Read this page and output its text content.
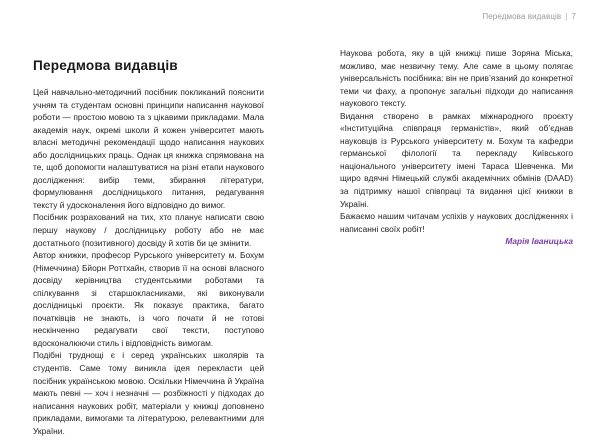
Передмова видавців | 7
Передмова видавців

Цей навчально-методичний посібник покликаний пояснити учням та студентам основні принципи написання наукової роботи — простою мовою та з цікавими прикладами. Мала академія наук, окремі школи й кожен університет мають власні методичні рекомендації щодо написання наукових або дослідницьких праць. Однак ця книжка спрямована на те, щоб допомогти налаштуватися на різні етапи наукового дослідження: вибір теми, збирання літератури, формулювання дослідницького питання, редагування тексту й удосконалення його відповідно до вимог.

Посібник розрахований на тих, хто планує написати свою першу наукову / дослідницьку роботу або не має достатнього (позитивного) досвіду й хотів би це змінити.

Автор книжки, професор Рурського університету м. Бохум (Німеччина) Бйорн Роттхайн, створив її на основі власного досвіду керівництва студентськими роботами та спілкування зі старшокласниками, які виконували дослідницькі проєкти. Як показує практика, багато початківців не знають, із чого почати й не готові нескінченно редагувати свої тексти, поступово вдосконалюючи стиль і відповідність вимогам.

Подібні труднощі є і серед українських школярів та студентів. Саме тому виникла ідея перекласти цей посібник українською мовою. Оскільки Німеччина й Україна мають певні — хоч і незначні — розбіжності у підходах до написання наукових робіт, матеріали у книжці доповнено прикладами, вимогами та літературою, релевантними для України.

Наукова робота, яку в цій книжці пише Зоряна Міська, можливо, має незвичну тему. Але саме в цьому полягає універсальність посібника: він не прив’язаний до конкретної теми чи фаху, а пропонує загальні підходи до написання наукового тексту.

Видання створено в рамках міжнародного проєкту «Інституційна співпраця германістів», який об’єднав науковців із Рурського університету м. Бохум та кафедри германської філології та перекладу Київського національного університету імені Тараса Шевченка. Ми щиро вдячні Німецькій службі академічних обмінів (DAAD) за підтримку нашої співпраці та видання цієї книжки в Україні.

Бажаємо нашим читачам успіхів у наукових дослідженнях і написанні своїх робіт!

Марія Іваницька
